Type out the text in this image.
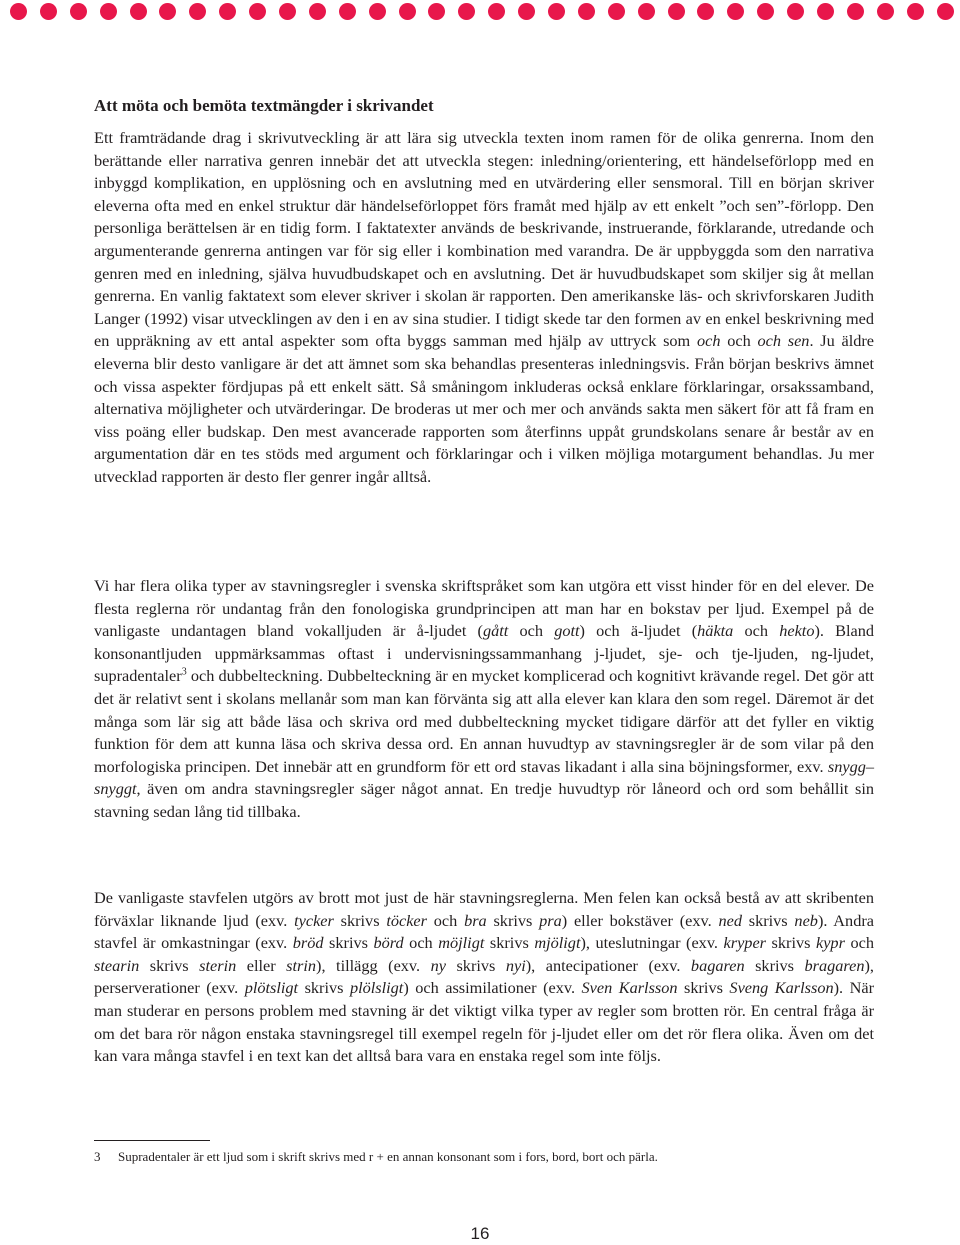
Att möta och bemöta textmängder i skrivandet

Ett framträdande drag i skrivutveckling är att lära sig utveckla texten inom ramen för de olika genrerna. Inom den berättande eller narrativa genren innebär det att utveckla stegen: inledning/orientering, ett händelseförlopp med en inbyggd komplikation, en upplösning och en avslutning med en utvärdering eller sensmoral. Till en början skriver eleverna ofta med en enkel struktur där händelseförloppet förs framåt med hjälp av ett enkelt ”och sen”-förlopp. Den personliga berättelsen är en tidig form. I faktatexter används de beskrivande, instruerande, förklarande, utredande och argumenterande genrerna antingen var för sig eller i kombination med varandra. De är uppbyggda som den narrativa genren med en inledning, själva huvudbudskapet och en avslutning. Det är huvudbudskapet som skiljer sig åt mellan genrerna. En vanlig faktatext som elever skriver i skolan är rapporten. Den amerikanske läs- och skrivforskaren Judith Langer (1992) visar utvecklingen av den i en av sina studier. I tidigt skede tar den formen av en enkel beskrivning med en uppräkning av ett antal aspekter som ofta byggs samman med hjälp av uttryck som och och och sen. Ju äldre eleverna blir desto vanligare är det att ämnet som ska behandlas presenteras inledningsvis. Från början beskrivs ämnet och vissa aspekter fördjupas på ett enkelt sätt. Så småningom inkluderas också enklare förklaringar, orsakssamband, alternativa möjligheter och utvärderingar. De broderas ut mer och mer och används sakta men säkert för att få fram en viss poäng eller budskap. Den mest avancerade rapporten som återfinns uppåt grundskolans senare år består av en argumentation där en tes stöds med argument och förklaringar och i vilken möjliga motargument behandlas. Ju mer utvecklad rapporten är desto fler genrer ingår alltså.

Vi har flera olika typer av stavningsregler i svenska skriftspråket som kan utgöra ett visst hinder för en del elever. De flesta reglerna rör undantag från den fonologiska grundprincipen att man har en bokstav per ljud. Exempel på de vanligaste undantagen bland vokalljuden är å-ljudet (gått och gott) och ä-ljudet (häkta och hekto). Bland konsonantljuden uppmärksammas oftast i undervisningssammanhang j-ljudet, sje- och tje-ljuden, ng-ljudet, supradentaler$^3$ och dubbelteckning. Dubbelteckning är en mycket komplicerad och kognitivt krävande regel. Det gör att det är relativt sent i skolans mellanår som man kan förvänta sig att alla elever kan klara den som regel. Däremot är det många som lär sig att både läsa och skriva ord med dubbelteckning mycket tidigare därför att det fyller en viktig funktion för dem att kunna läsa och skriva dessa ord. En annan huvudtyp av stavningsregler är de som vilar på den morfologiska principen. Det innebär att en grundform för ett ord stavas likadant i alla sina böjningsformer, exv. snygg–snyggt, även om andra stavningsregler säger något annat. En tredje huvudtyp rör låneord och ord som behållit sin stavning sedan lång tid tillbaka.

De vanligaste stavfelen utgörs av brott mot just de här stavningsreglerna. Men felen kan också bestå av att skribenten förväxlar liknande ljud (exv. tycker skrivs töcker och bra skrivs pra) eller bokstäver (exv. ned skrivs neb). Andra stavfel är omkastningar (exv. bröd skrivs börd och möjligt skrivs mjöligt), uteslutningar (exv. kryper skrivs kypr och stearin skrivs sterin eller strin), tillägg (exv. ny skrivs nyi), antecipationer (exv. bagaren skrivs bragaren), perserverationer (exv. plötsligt skrivs plölsligt) och assimilationer (exv. Sven Karlsson skrivs Sveng Karlsson). När man studerar en persons problem med stavning är det viktigt vilka typer av regler som brotten rör. En central fråga är om det bara rör någon enstaka stavningsregel till exempel regeln för j-ljudet eller om det rör flera olika. Även om det kan vara många stavfel i en text kan det alltså bara vara en enstaka regel som inte följs.

3 Supradentaler är ett ljud som i skrift skrivs med r + en annan konsonant som i fors, bord, bort och pärla.

16
